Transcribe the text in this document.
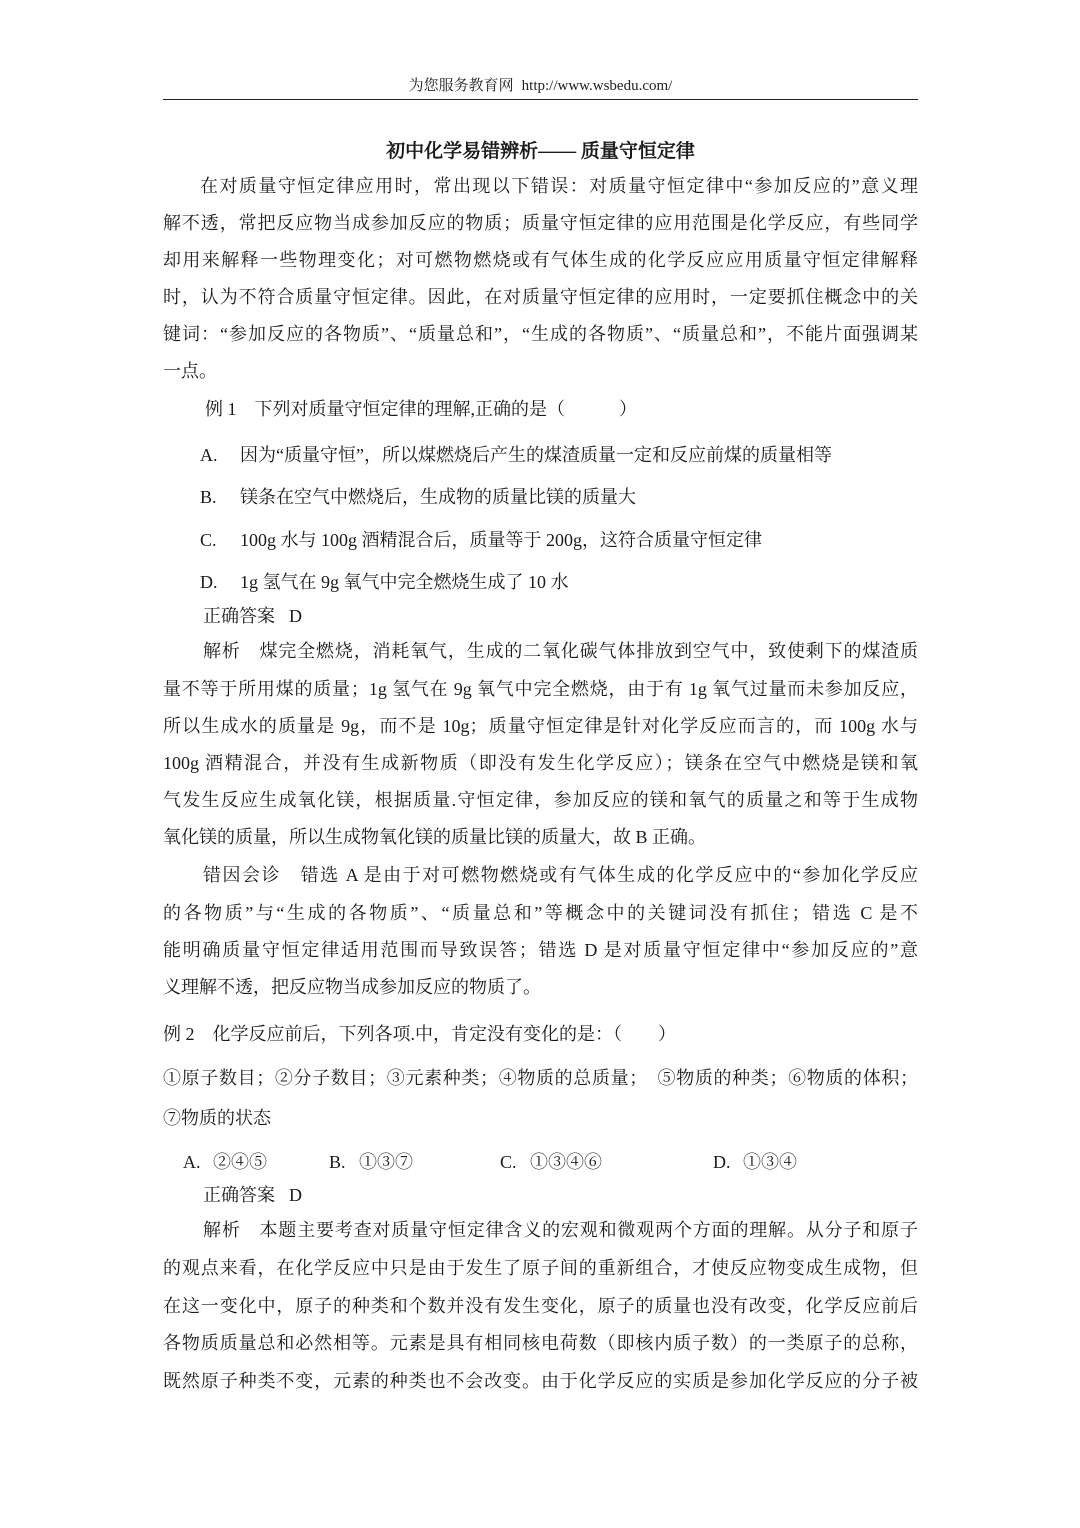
为您服务教育网 http://www.wsbedu.com/
初中化学易错辨析—— 质量守恒定律
在对质量守恒定律应用时，常出现以下错误：对质量守恒定律中“参加反应的”意义理
解不透，常把反应物当成参加反应的物质；质量守恒定律的应用范围是化学反应，有些同学
却用来解释一些物理变化；对可燃物燃烧或有气体生成的化学反应应用质量守恒定律解释
时，认为不符合质量守恒定律。因此，在对质量守恒定律的应用时，一定要抓住概念中的关
键词：“参加反应的各物质”、“质量总和”，“生成的各物质”、“质量总和”，不能片面强调某
一点。
例 1　下列对质量守恒定律的理解,正确的是（　　　）
A. 因为“质量守恒”，所以煤燃烧后产生的煤渣质量一定和反应前煤的质量相等
B. 镁条在空气中燃烧后，生成物的质量比镁的质量大
C. 100g 水与 100g 酒精混合后，质量等于 200g，这符合质量守恒定律
D. 1g 氢气在 9g 氧气中完全燃烧生成了 10 水
正确答案 D
解析　煤完全燃烧，消耗氧气，生成的二氧化碳气体排放到空气中，致使剩下的煤渣质
量不等于所用煤的质量；1g 氢气在 9g 氧气中完全燃烧，由于有 1g 氧气过量而未参加反应，
所以生成水的质量是 9g，而不是 10g；质量守恒定律是针对化学反应而言的，而 100g 水与
100g 酒精混合，并没有生成新物质（即没有发生化学反应）；镁条在空气中燃烧是镁和氧
气发生反应生成氧化镁，根据质量.守恒定律，参加反应的镁和氧气的质量之和等于生成物
氧化镁的质量，所以生成物氧化镁的质量比镁的质量大，故 B 正确。
错因会诊　错选 A 是由于对可燃物燃烧或有气体生成的化学反应中的“参加化学反应
的各物质”与“生成的各物质”、“质量总和”等概念中的关键词没有抓住；错选 C 是不
能明确质量守恒定律适用范围而导致误答；错选 D 是对质量守恒定律中“参加反应的”意
义理解不透，把反应物当成参加反应的物质了。
例 2　化学反应前后，下列各项.中，肯定没有变化的是：（　　）
①原子数目；②分子数目；③元素种类；④物质的总质量；　⑤物质的种类；⑥物质的体积；
⑦物质的状态
A. ②④⑤	B. ①③⑦	C. ①③④⑥	D. ①③④
正确答案 D
解析　本题主要考查对质量守恒定律含义的宏观和微观两个方面的理解。从分子和原子
的观点来看，在化学反应中只是由于发生了原子间的重新组合，才使反应物变成生成物，但
在这一变化中，原子的种类和个数并没有发生变化，原子的质量也没有改变，化学反应前后
各物质质量总和必然相等。元素是具有相同核电荷数（即核内质子数）的一类原子的总称，
既然原子种类不变，元素的种类也不会改变。由于化学反应的实质是参加化学反应的分子被
